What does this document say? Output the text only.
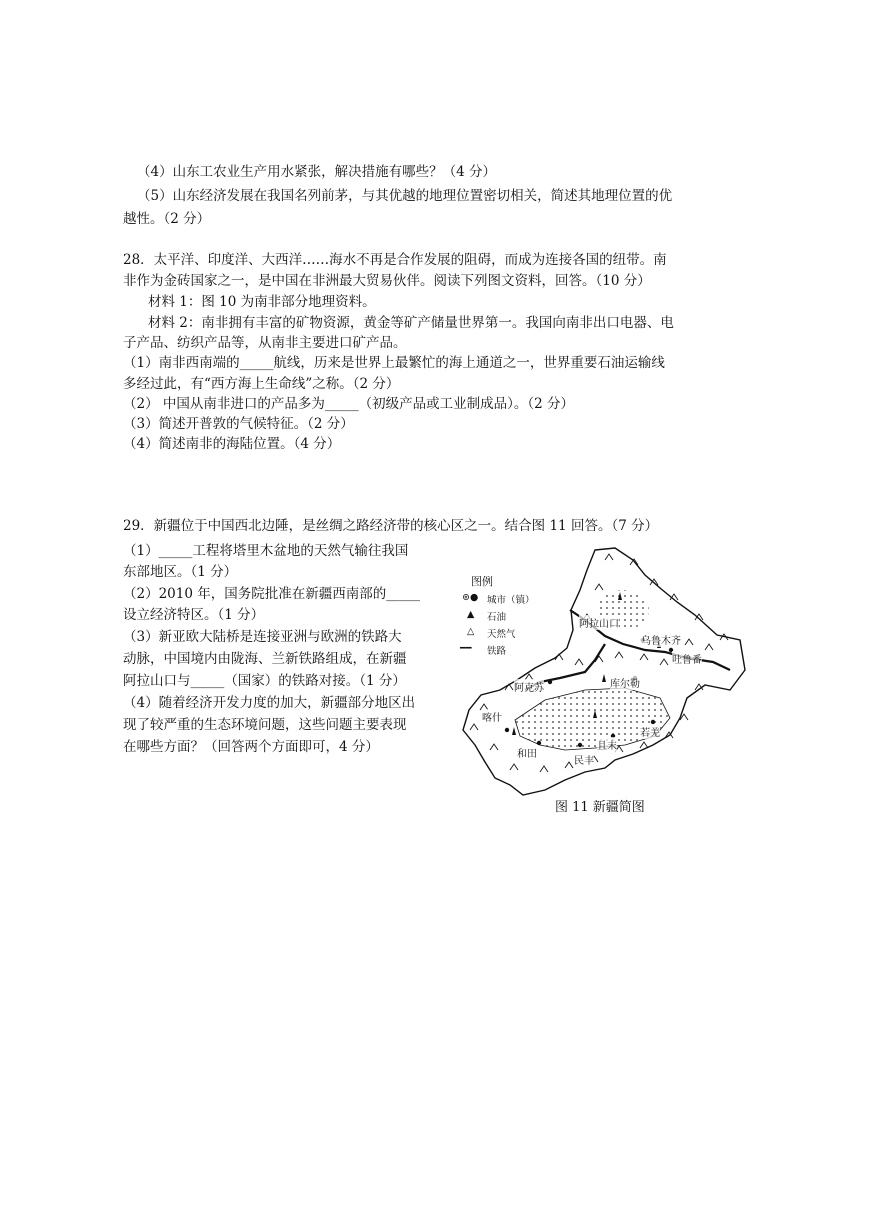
（4）山东工农业生产用水紧张，解决措施有哪些？（4 分）
（5）山东经济发展在我国名列前茅，与其优越的地理位置密切相关，简述其地理位置的优
越性。（2 分）
28．太平洋、印度洋、大西洋……海水不再是合作发展的阻碍，而成为连接各国的纽带。南
非作为金砖国家之一，是中国在非洲最大贸易伙伴。阅读下列图文资料，回答。（10 分）
材料 1：图 10 为南非部分地理资料。
材料 2：南非拥有丰富的矿物资源，黄金等矿产储量世界第一。我国向南非出口电器、电
子产品、纺织产品等，从南非主要进口矿产品。
（1）南非西南端的_____航线，历来是世界上最繁忙的海上通道之一，世界重要石油运输线
多经过此，有“西方海上生命线”之称。（2 分）
（2） 中国从南非进口的产品多为_____（初级产品或工业制成品）。（2 分）
（3）简述开普敦的气候特征。（2 分）
（4）简述南非的海陆位置。（4 分）
29．新疆位于中国西北边陲，是丝绸之路经济带的核心区之一。结合图 11 回答。（7 分）
（1）_____工程将塔里木盆地的天然气输往我国
东部地区。（1 分）
（2）2010 年，国务院批准在新疆西南部的_____
设立经济特区。（1 分）
（3）新亚欧大陆桥是连接亚洲与欧洲的铁路大
动脉，中国境内由陇海、兰新铁路组成，在新疆
阿拉山口与_____（国家）的铁路对接。（1 分）
（4）随着经济开发力度的加大，新疆部分地区出
现了较严重的生态环境问题，这些问题主要表现
在哪些方面？（回答两个方面即可，4 分）
图例
⊚● 城市（镇）
▲ 石油
△ 天然气
━━ 铁路
阿拉山口
乌鲁木齐
吐鲁番
阿克苏	库尔勒
喀什
和田
民丰
且末
若羌
图 11 新疆简图
